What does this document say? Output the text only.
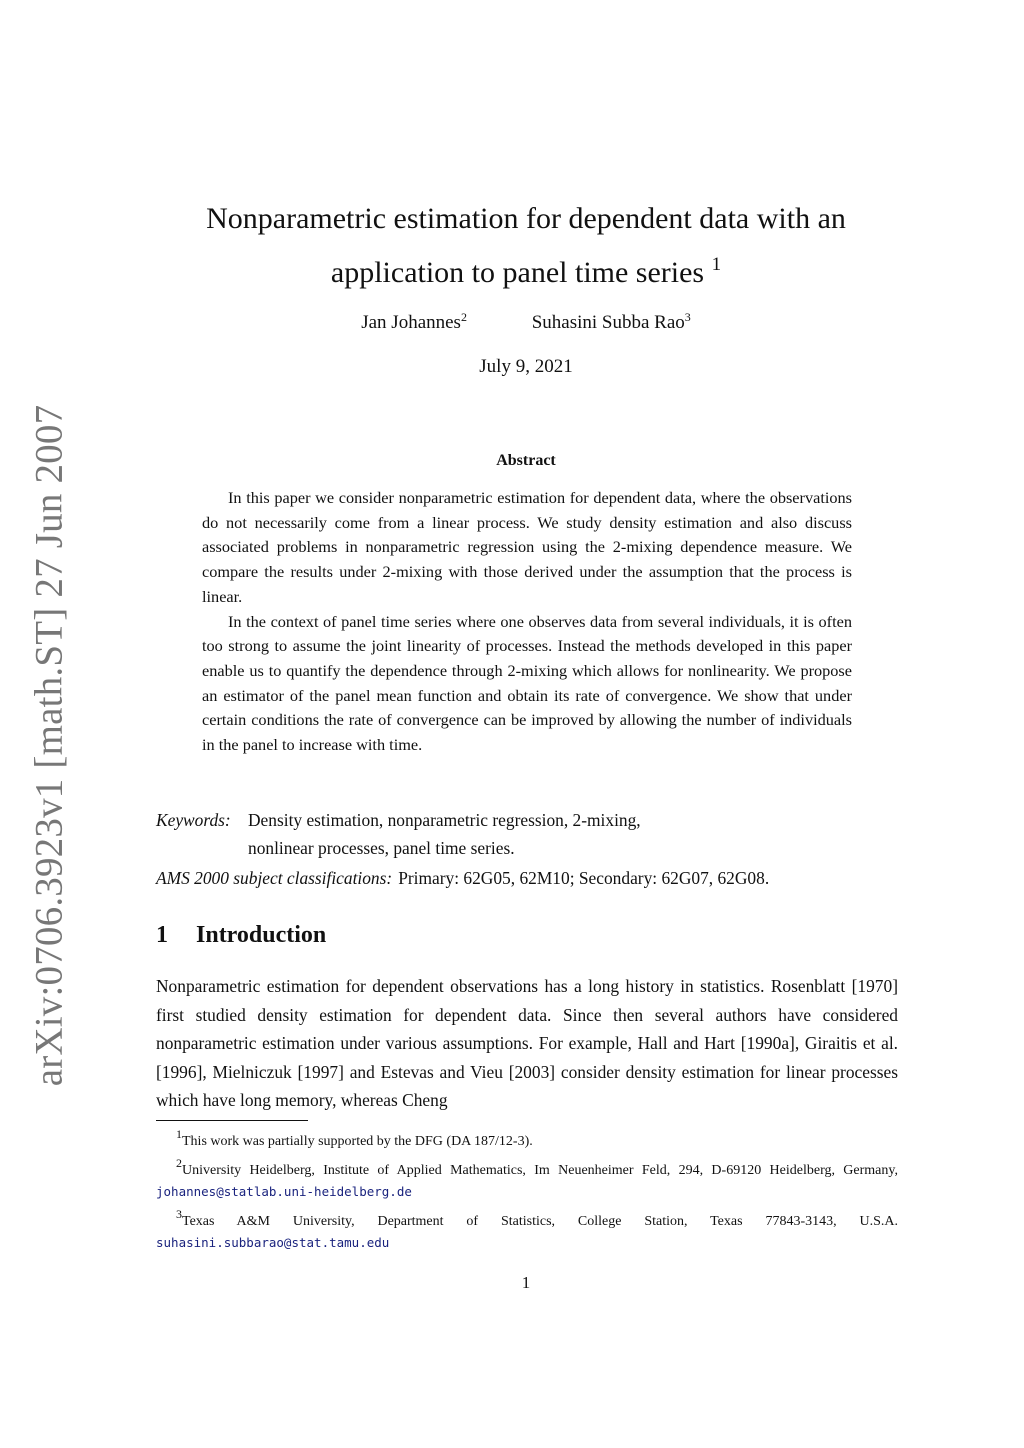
arXiv:0706.3923v1 [math.ST] 27 Jun 2007
Nonparametric estimation for dependent data with an
application to panel time series $^1$
Jan Johannes$^2$	Suhasini Subba Rao$^3$
July 9, 2021
Abstract

In this paper we consider nonparametric estimation for dependent data, where the observations do not necessarily come from a linear process. We study density estimation and also discuss associated problems in nonparametric regression using the 2-mixing dependence measure. We compare the results under 2-mixing with those derived under the assumption that the process is linear.

In the context of panel time series where one observes data from several individuals, it is often too strong to assume the joint linearity of processes. Instead the methods developed in this paper enable us to quantify the dependence through 2-mixing which allows for nonlinearity. We propose an estimator of the panel mean function and obtain its rate of convergence. We show that under certain conditions the rate of convergence can be improved by allowing the number of individuals in the panel to increase with time.

Keywords: Density estimation, nonparametric regression, 2-mixing,
nonlinear processes, panel time series.
AMS 2000 subject classifications: Primary: 62G05, 62M10; Secondary: 62G07, 62G08.
1 Introduction

Nonparametric estimation for dependent observations has a long history in statistics. Rosenblatt [1970] first studied density estimation for dependent data. Since then several authors have considered nonparametric estimation under various assumptions. For example, Hall and Hart [1990a], Giraitis et al. [1996], Mielniczuk [1997] and Estevas and Vieu [2003] consider density estimation for linear processes which have long memory, whereas Cheng

1This work was partially supported by the DFG (DA 187/12-3).

2University Heidelberg, Institute of Applied Mathematics, Im Neuenheimer Feld, 294, D-69120 Heidelberg, Germany, johannes@statlab.uni-heidelberg.de

3Texas A&M University, Department of Statistics, College Station, Texas 77843-3143, U.S.A. suhasini.subbarao@stat.tamu.edu

1
